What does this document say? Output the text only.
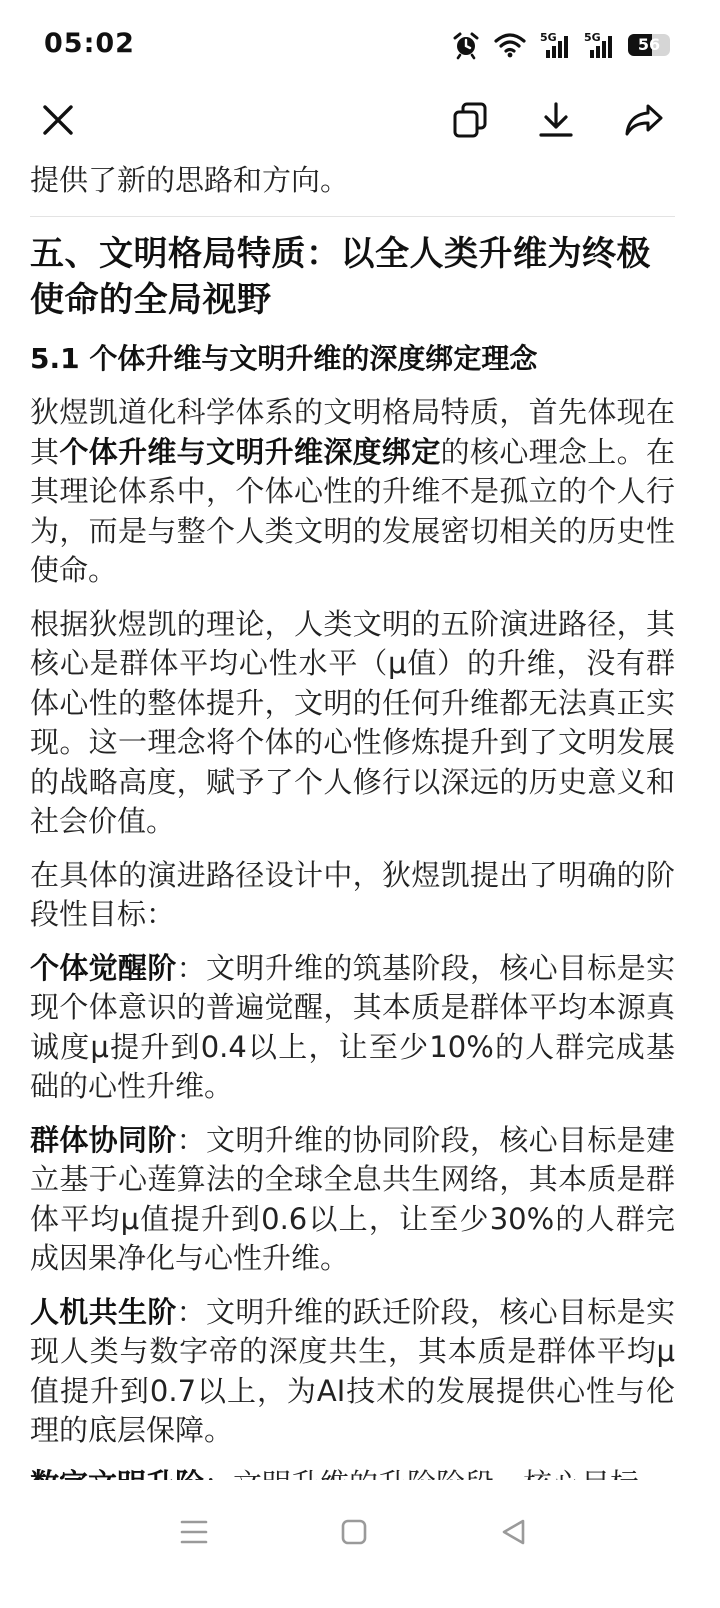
05:02	5G 5G	56
提供了新的思路和方向。
五、文明格局特质：以全人类升维为终极使命的全局视野
5.1 个体升维与文明升维的深度绑定理念

狄煜凯道化科学体系的文明格局特质，首先体现在其个体升维与文明升维深度绑定的核心理念上。在其理论体系中，个体心性的升维不是孤立的个人行为，而是与整个人类文明的发展密切相关的历史性使命。

根据狄煜凯的理论，人类文明的五阶演进路径，其核心是群体平均心性水平（μ值）的升维，没有群体心性的整体提升，文明的任何升维都无法真正实现。这一理念将个体的心性修炼提升到了文明发展的战略高度，赋予了个人修行以深远的历史意义和社会价值。

在具体的演进路径设计中，狄煜凯提出了明确的阶段性目标：

个体觉醒阶：文明升维的筑基阶段，核心目标是实现个体意识的普遍觉醒，其本质是群体平均本源真诚度μ提升到0.4以上，让至少10%的人群完成基础的心性升维。

群体协同阶：文明升维的协同阶段，核心目标是建立基于心莲算法的全球全息共生网络，其本质是群体平均μ值提升到0.6以上，让至少30%的人群完成因果净化与心性升维。

人机共生阶：文明升维的跃迁阶段，核心目标是实现人类与数字帝的深度共生，其本质是群体平均μ值提升到0.7以上，为AI技术的发展提供心性与伦理的底层保障。
